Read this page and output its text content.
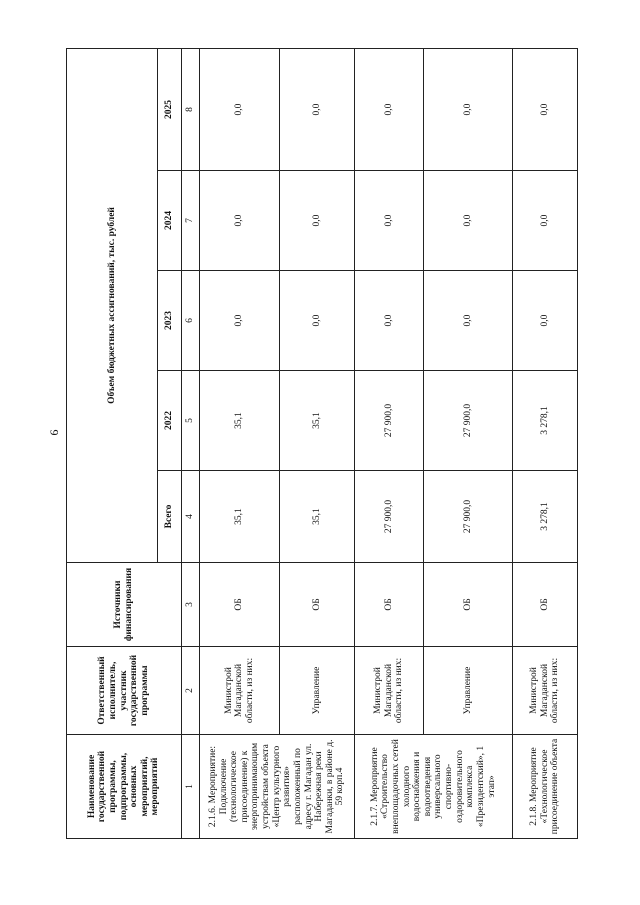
9
Наименование государственной программы, подпрограммы, основных мероприятий, мероприятий	Ответственный исполнитель, участник государственной программы	Источники финансирования	Объем бюджетных ассигнований, тыс. рублей				
			Всего	2022	2023	2024	2025
1	2	3	4	5	6	7	8
2.1.6. Мероприятие: Подключение (технологическое присоединение) к энергопринимающим устройствам объекта «Центр культурного развития» расположенный по адресу г. Магадан ул. Набережная реки Магаданки, в районе д. 59 корп.4	Министрой Магаданской области, из них:	ОБ	35,1	35,1	0,0	0,0	0,0
	Управление	ОБ	35,1	35,1	0,0	0,0	0,0
2.1.7. Мероприятие «Строительство внеплощадочных сетей холодного водоснабжения и водоотведения универсального спортивно-оздоровительного комплекса «Президентский», 1 этап»	Министрой Магаданской области, из них:	ОБ	27 900,0	27 900,0	0,0	0,0	0,0
	Управление	ОБ	27 900,0	27 900,0	0,0	0,0	0,0
2.1.8. Мероприятие «Технологическое присоединение объекта	Министрой Магаданской области, из них:	ОБ	3 278,1	3 278,1	0,0	0,0	0,0
